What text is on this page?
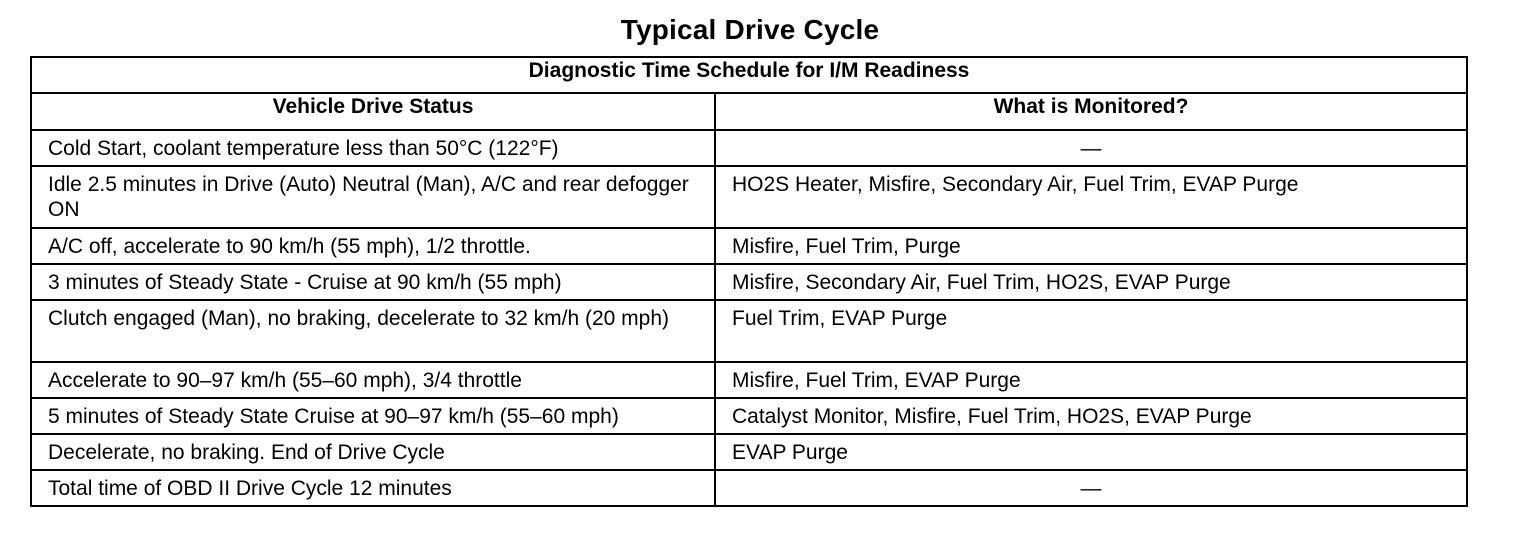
Typical Drive Cycle
Diagnostic Time Schedule for I/M Readiness	
Vehicle Drive Status	What is Monitored?
Cold Start, coolant temperature less than 50°C (122°F)	—
Idle 2.5 minutes in Drive (Auto) Neutral (Man), A/C and rear defogger ON	HO2S Heater, Misfire, Secondary Air, Fuel Trim, EVAP Purge
A/C off, accelerate to 90 km/h (55 mph), 1/2 throttle.	Misfire, Fuel Trim, Purge
3 minutes of Steady State - Cruise at 90 km/h (55 mph)	Misfire, Secondary Air, Fuel Trim, HO2S, EVAP Purge
Clutch engaged (Man), no braking, decelerate to 32 km/h (20 mph)	Fuel Trim, EVAP Purge
Accelerate to 90–97 km/h (55–60 mph), 3/4 throttle	Misfire, Fuel Trim, EVAP Purge
5 minutes of Steady State Cruise at 90–97 km/h (55–60 mph)	Catalyst Monitor, Misfire, Fuel Trim, HO2S, EVAP Purge
Decelerate, no braking. End of Drive Cycle	EVAP Purge
Total time of OBD II Drive Cycle 12 minutes	—
